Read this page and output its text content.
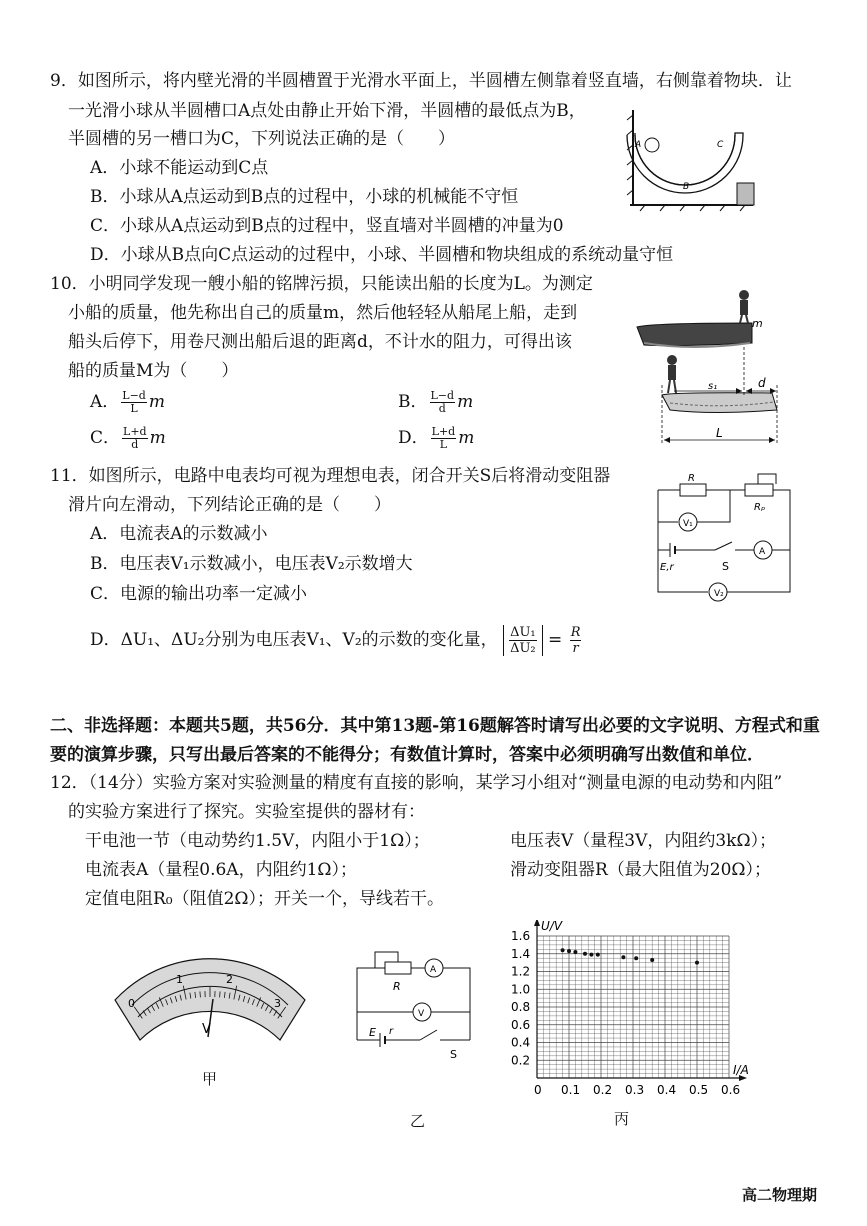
9．如图所示，将内壁光滑的半圆槽置于光滑水平面上，半圆槽左侧靠着竖直墙，右侧靠着物块．让
一光滑小球从半圆槽口A点处由静止开始下滑，半圆槽的最低点为B，
半圆槽的另一槽口为C，下列说法正确的是（　　）
A．小球不能运动到C点
B．小球从A点运动到B点的过程中，小球的机械能不守恒
C．小球从A点运动到B点的过程中，竖直墙对半圆槽的冲量为0
D．小球从B点向C点运动的过程中，小球、半圆槽和物块组成的系统动量守恒
A
B
C
10．小明同学发现一艘小船的铭牌污损，只能读出船的长度为L。为测定
小船的质量，他先称出自己的质量m，然后他轻轻从船尾上船，走到
船头后停下，用卷尺测出船后退的距离d，不计水的阻力，可得出该
船的质量M为（　　）
A． $\frac{L-d}{L}$ m	B． $\frac{L-d}{d}$ m
C． $\frac{L+d}{d}$ m	D． $\frac{L+d}{L}$ m
m
s₁	d
L
11．如图所示，电路中电表均可视为理想电表，闭合开关S后将滑动变阻器
滑片向左滑动，下列结论正确的是（　　）
A．电流表A的示数减小
B．电压表V₁示数减小，电压表V₂示数增大
C．电源的输出功率一定减小
D．ΔU₁、ΔU₂分别为电压表V₁、V₂的示数的变化量， $\frac{\text{ΔU₁}}{\text{ΔU₂}} = \frac{R}{r}$
R
Rₚ
V₁
A
V₂
S
E,r
二、非选择题：本题共5题，共56分．其中第13题-第16题解答时请写出必要的文字说明、方程式和重
要的演算步骤，只写出最后答案的不能得分；有数值计算时，答案中必须明确写出数值和单位．
12．（14分）实验方案对实验测量的精度有直接的影响，某学习小组对“测量电源的电动势和内阻”
的实验方案进行了探究。实验室提供的器材有：
干电池一节（电动势约1.5V，内阻小于1Ω）；	电压表V（量程3V，内阻约3kΩ）；
电流表A（量程0.6A，内阻约1Ω）；	滑动变阻器R（最大阻值为20Ω）；
定值电阻R₀（阻值2Ω）；开关一个，导线若干。
0
1	2
3
V
甲
R
A
V
E r
S
乙
0 0.1 0.2 0.3 0.4 0.5 0.6
0.2
0.4
0.6
0.8
1.0
1.2
1.4
1.6
I/A
U/V
丙
高二物理期
